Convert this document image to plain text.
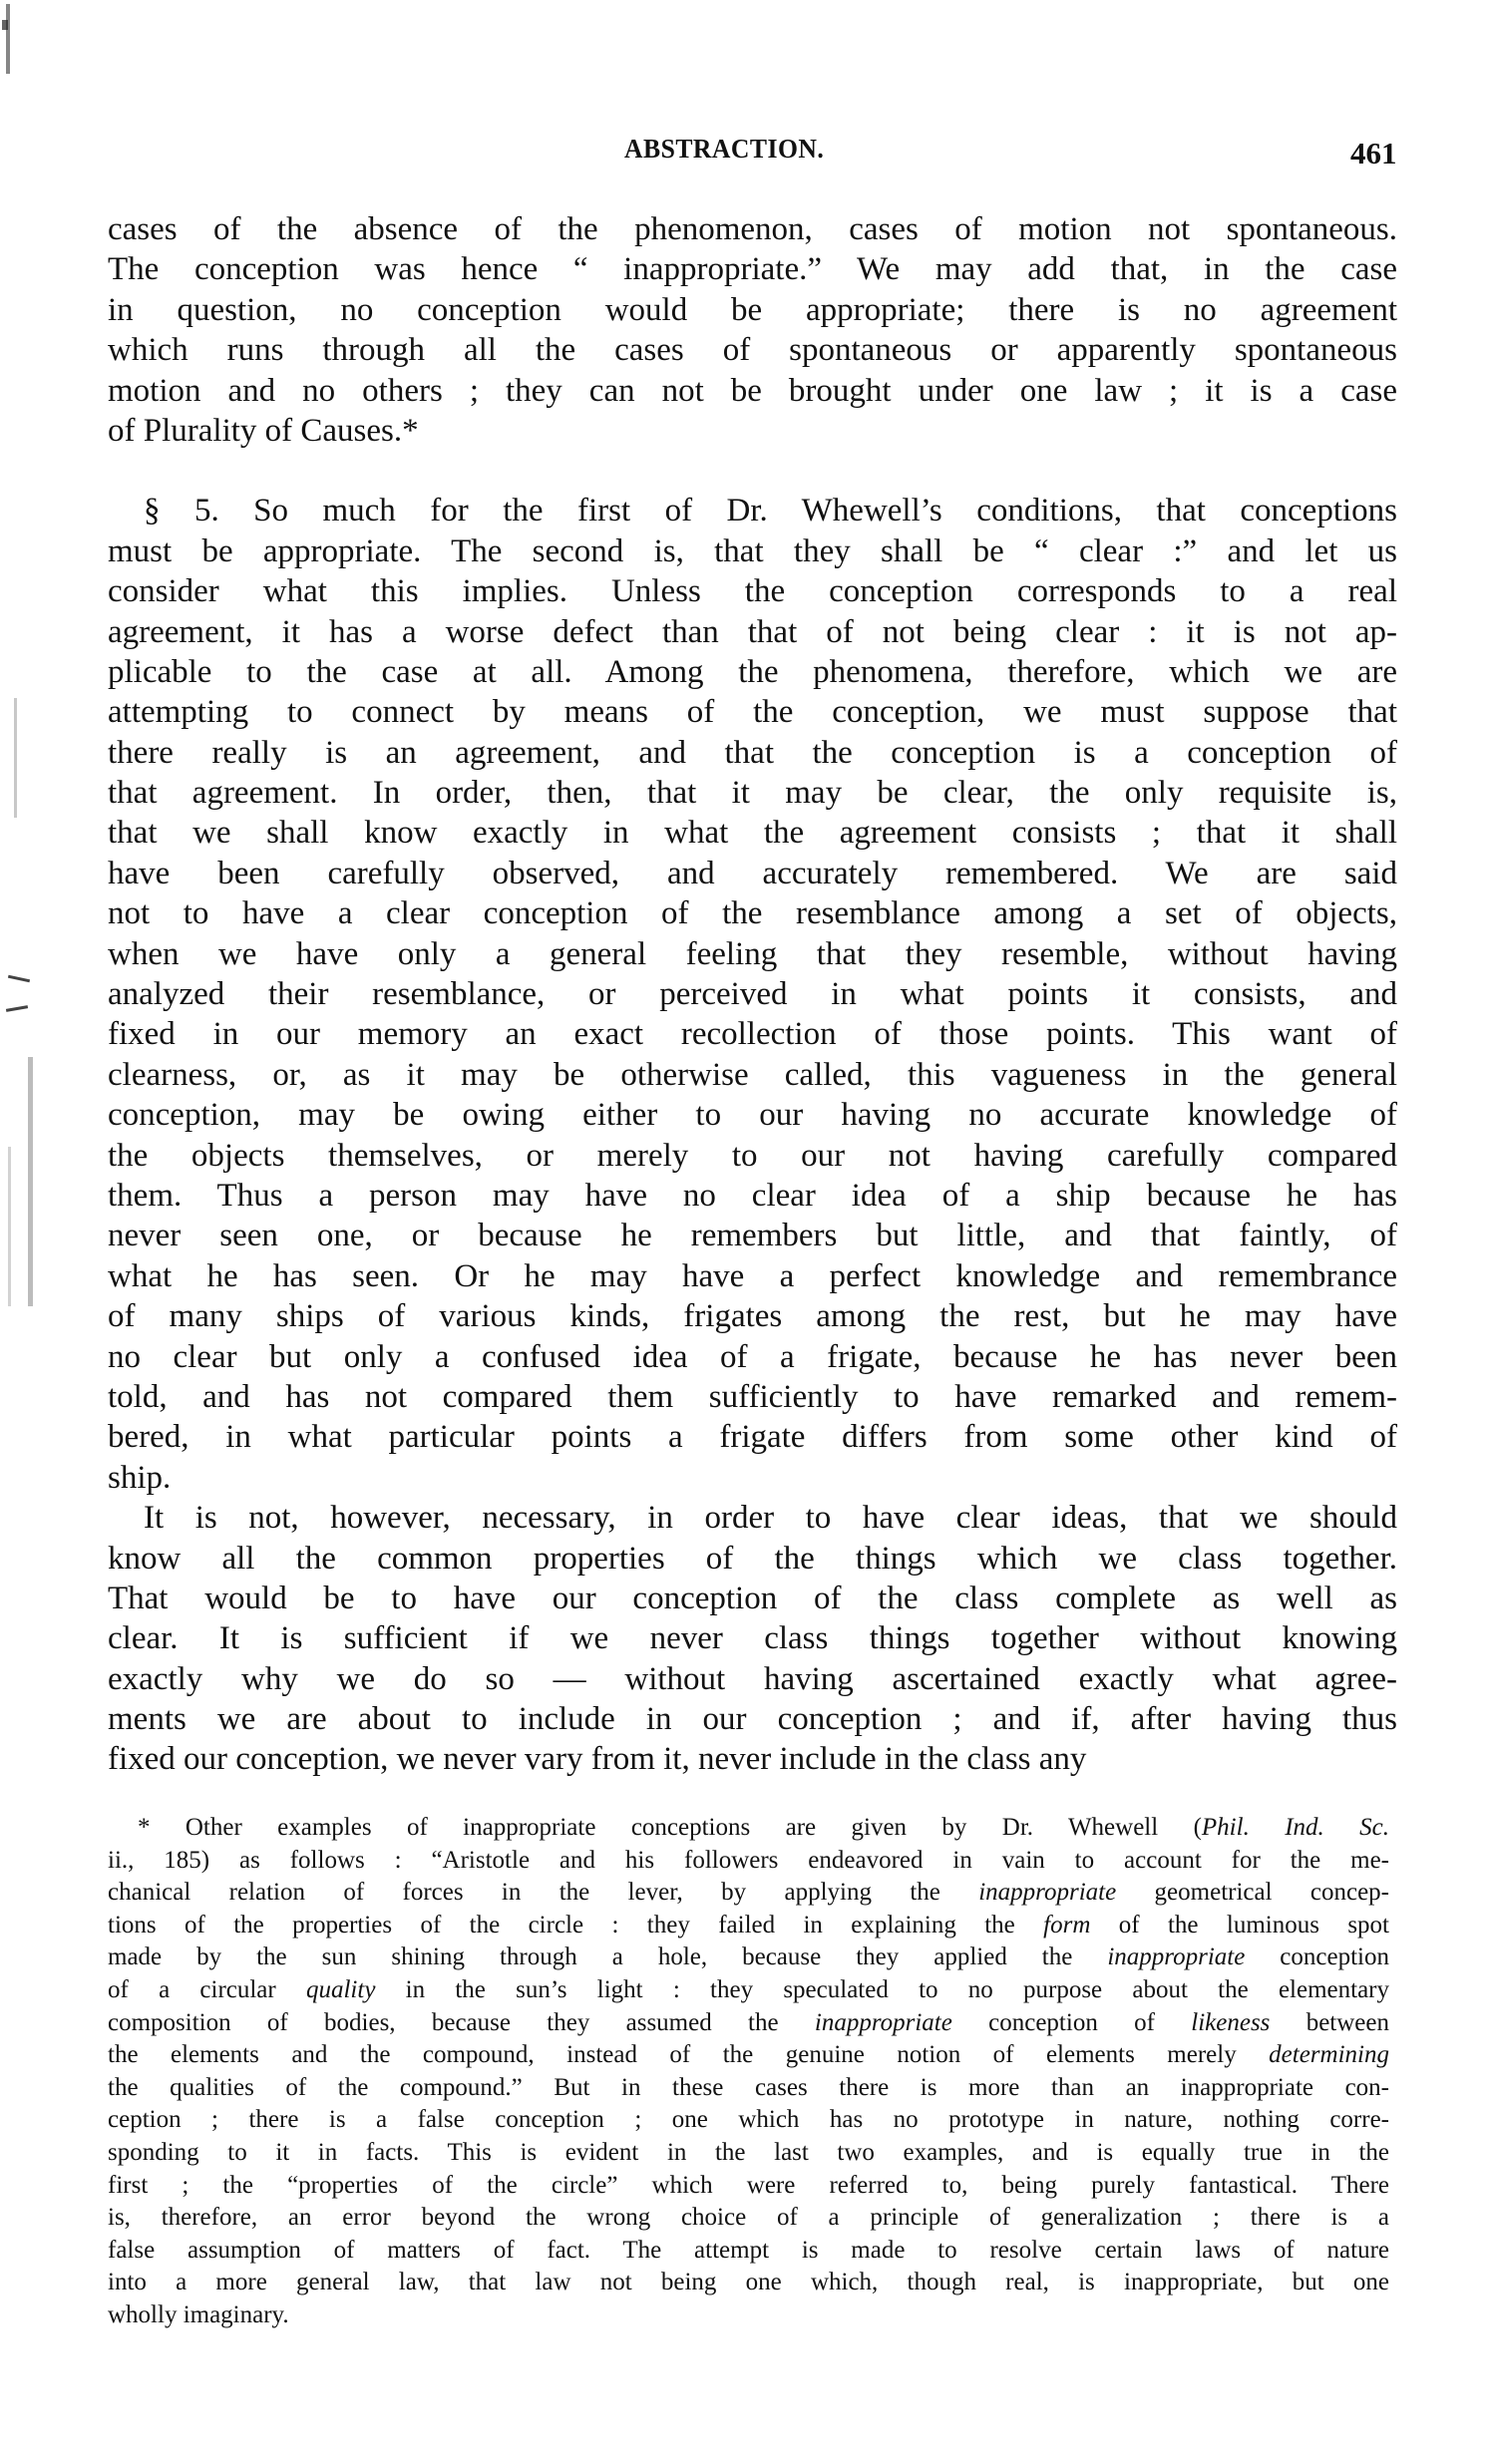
ABSTRACTION.	461
cases of the absence of the phenomenon, cases of motion not spontaneous.
The conception was hence “ inappropriate.” We may add that, in the case
in question, no conception would be appropriate; there is no agreement
which runs through all the cases of spontaneous or apparently spontaneous
motion and no others ; they can not be brought under one law ; it is a case
of Plurality of Causes.*
§ 5. So much for the first of Dr. Whewell’s conditions, that conceptions
must be appropriate. The second is, that they shall be “ clear :” and let us
consider what this implies. Unless the conception corresponds to a real
agreement, it has a worse defect than that of not being clear : it is not ap-
plicable to the case at all. Among the phenomena, therefore, which we are
attempting to connect by means of the conception, we must suppose that
there really is an agreement, and that the conception is a conception of
that agreement. In order, then, that it may be clear, the only requisite is,
that we shall know exactly in what the agreement consists ; that it shall
have been carefully observed, and accurately remembered. We are said
not to have a clear conception of the resemblance among a set of objects,
when we have only a general feeling that they resemble, without having
analyzed their resemblance, or perceived in what points it consists, and
fixed in our memory an exact recollection of those points. This want of
clearness, or, as it may be otherwise called, this vagueness in the general
conception, may be owing either to our having no accurate knowledge of
the objects themselves, or merely to our not having carefully compared
them. Thus a person may have no clear idea of a ship because he has
never seen one, or because he remembers but little, and that faintly, of
what he has seen. Or he may have a perfect knowledge and remembrance
of many ships of various kinds, frigates among the rest, but he may have
no clear but only a confused idea of a frigate, because he has never been
told, and has not compared them sufficiently to have remarked and remem-
bered, in what particular points a frigate differs from some other kind of
ship.
It is not, however, necessary, in order to have clear ideas, that we should
know all the common properties of the things which we class together.
That would be to have our conception of the class complete as well as
clear. It is sufficient if we never class things together without knowing
exactly why we do so — without having ascertained exactly what agree-
ments we are about to include in our conception ; and if, after having thus
fixed our conception, we never vary from it, never include in the class any
* Other examples of inappropriate conceptions are given by Dr. Whewell (Phil. Ind. Sc.
ii., 185) as follows : “Aristotle and his followers endeavored in vain to account for the me-
chanical relation of forces in the lever, by applying the inappropriate geometrical concep-
tions of the properties of the circle : they failed in explaining the form of the luminous spot
made by the sun shining through a hole, because they applied the inappropriate conception
of a circular quality in the sun’s light : they speculated to no purpose about the elementary
composition of bodies, because they assumed the inappropriate conception of likeness between
the elements and the compound, instead of the genuine notion of elements merely determining
the qualities of the compound.” But in these cases there is more than an inappropriate con-
ception ; there is a false conception ; one which has no prototype in nature, nothing corre-
sponding to it in facts. This is evident in the last two examples, and is equally true in the
first ; the “properties of the circle” which were referred to, being purely fantastical. There
is, therefore, an error beyond the wrong choice of a principle of generalization ; there is a
false assumption of matters of fact. The attempt is made to resolve certain laws of nature
into a more general law, that law not being one which, though real, is inappropriate, but one
wholly imaginary.
